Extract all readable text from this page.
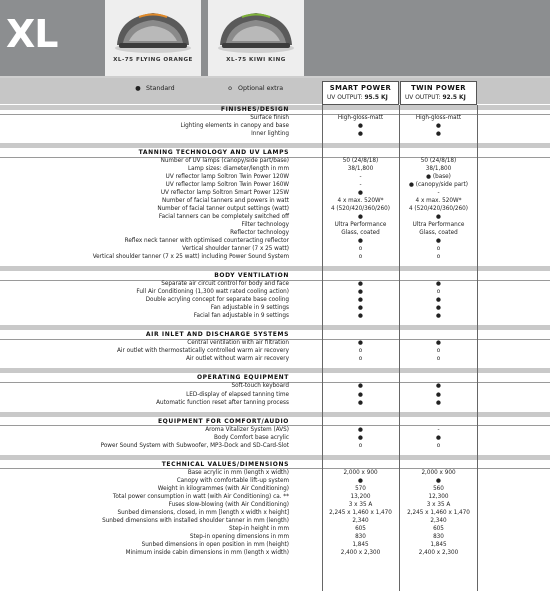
XL
XL-75 FLYING ORANGE	XL-75 KIWI KING
● Standard	o Optional extra	SMART POWER
UV OUTPUT: 95.5 KJ
TWIN POWER
UV OUTPUT: 92.5 KJ
FINISHES/DESIGN
Surface finish	High-gloss-matt	High-gloss-matt
Lighting elements in canopy and base	●	●
Inner lighting	●	●
TANNING TECHNOLOGY AND UV LAMPS
Number of UV lamps (canopy/side part/base)	50 (24/8/18)	50 (24/8/18)
Lamp sizes: diameter/length in mm	38/1,800	38/1,800
UV reflector lamp Soltron Twin Power 120W	-	● (base)
UV reflector lamp Soltron Twin Power 160W	-	● (canopy/side part)
UV reflector lamp Soltron Smart Power 125W	●	-
Number of facial tanners and powers in watt	4 x max. 520W*	4 x max. 520W*
Number of facial tanner output settings (watt)	4 (520/420/360/260)	4 (520/420/360/260)
Facial tanners can be completely switched off	●	●
Filter technology	Ultra Performance	Ultra Performance
Reflector technology	Glass, coated	Glass, coated
Reflex neck tanner with optimised counteracting reflector	●	●
Vertical shoulder tanner (7 x 25 watt)	o	o
Vertical shoulder tanner (7 x 25 watt) including Power Sound System	o	o
BODY VENTILATION
Separate air circuit control for body and face	●	●
Full Air Conditioning (1,300 watt rated cooling action)	●	o
Double acryling concept for separate base cooling	●	●
Fan adjustable in 9 settings	●	●
Facial fan adjustable in 9 settings	●	●
AIR INLET AND DISCHARGE SYSTEMS
Central ventilation with air filtration	●	●
Air outlet with thermostatically controlled warm air recovery	o	o
Air outlet without warm air recovery	o	o
OPERATING EQUIPMENT
Soft-touch keyboard	●	●
LED-display of elapsed tanning time	●	●
Automatic function reset after tanning process	●	●
EQUIPMENT FOR COMFORT/AUDIO
Aroma Vitalizer System (AVS)	●	-
Body Comfort base acrylic	●	●
Power Sound System with Subwoofer, MP3-Dock and SD-Card-Slot	o	o
TECHNICAL VALUES/DIMENSIONS
Base acrylic in mm (length x width)	2,000 x 900	2,000 x 900
Canopy with comfortable lift-up system	●	●
Weight in kilogrammes (with Air Conditioning)	570	560
Total power consumption in watt (with Air Conditioning) ca. **	13,200	12,300
Fuses slow-blowing (with Air Conditioning)	3 x 35 A	3 x 35 A
Sunbed dimensions, closed, in mm [length x width x height]	2,245 x 1,460 x 1,470	2,245 x 1,460 x 1,470
Sunbed dimensions with installed shoulder tanner in mm (length)	2,340	2,340
Step-in height in mm	605	605
Step-in opening dimensions in mm	830	830
Sunbed dimensions in open position in mm (height)	1,845	1,845
Minimum inside cabin dimensions in mm (length x width)	2,400 x 2,300	2,400 x 2,300
